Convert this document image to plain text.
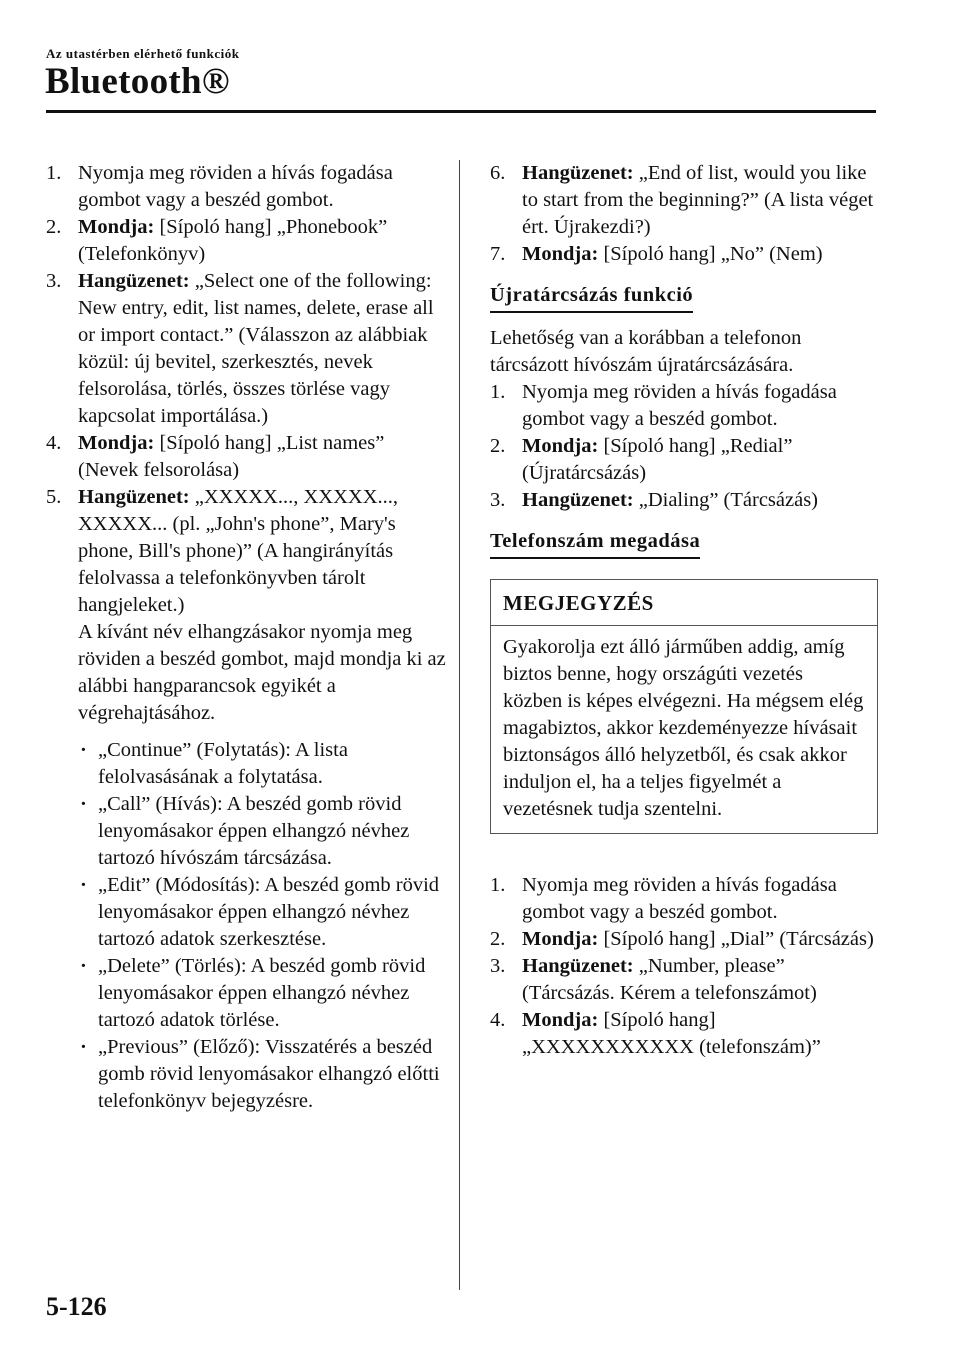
Az utastérben elérhető funkciók
Bluetooth®
1. Nyomja meg röviden a hívás fogadása gombot vagy a beszéd gombot.
2. Mondja: [Sípoló hang] „Phonebook” (Telefonkönyv)
3. Hangüzenet: „Select one of the following: New entry, edit, list names, delete, erase all or import contact.” (Válasszon az alábbiak közül: új bevitel, szerkesztés, nevek felsorolása, törlés, összes törlése vagy kapcsolat importálása.)
4. Mondja: [Sípoló hang] „List names” (Nevek felsorolása)
5. Hangüzenet: „XXXXX..., XXXXX..., XXXXX... (pl. „John's phone”, Mary's phone, Bill's phone)” (A hangirányítás felolvassa a telefonkönyvben tárolt hangjeleket.)
A kívánt név elhangzásakor nyomja meg röviden a beszéd gombot, majd mondja ki az alábbi hangparancsok egyikét a végrehajtásához.
· „Continue” (Folytatás): A lista felolvasásának a folytatása.
· „Call” (Hívás): A beszéd gomb rövid lenyomásakor éppen elhangzó névhez tartozó hívószám tárcsázása.
· „Edit” (Módosítás): A beszéd gomb rövid lenyomásakor éppen elhangzó névhez tartozó adatok szerkesztése.
· „Delete” (Törlés): A beszéd gomb rövid lenyomásakor éppen elhangzó névhez tartozó adatok törlése.
· „Previous” (Előző): Visszatérés a beszéd gomb rövid lenyomásakor elhangzó előtti telefonkönyv bejegyzésre.
6. Hangüzenet: „End of list, would you like to start from the beginning?” (A lista véget ért. Újrakezdi?)
7. Mondja: [Sípoló hang] „No” (Nem)
Újratárcsázás funkció

Lehetőség van a korábban a telefonon tárcsázott hívószám újratárcsázására.

1. Nyomja meg röviden a hívás fogadása gombot vagy a beszéd gombot.
2. Mondja: [Sípoló hang] „Redial” (Újratárcsázás)
3. Hangüzenet: „Dialing” (Tárcsázás)
Telefonszám megadása
MEGJEGYZÉS
Gyakorolja ezt álló járműben addig, amíg biztos benne, hogy országúti vezetés közben is képes elvégezni. Ha mégsem elég magabiztos, akkor kezdeményezze hívásait biztonságos álló helyzetből, és csak akkor induljon el, ha a teljes figyelmét a vezetésnek tudja szentelni.
1. Nyomja meg röviden a hívás fogadása gombot vagy a beszéd gombot.
2. Mondja: [Sípoló hang] „Dial” (Tárcsázás)
3. Hangüzenet: „Number, please” (Tárcsázás. Kérem a telefonszámot)
4. Mondja: [Sípoló hang] „XXXXXXXXXXX (telefonszám)”
5-126
